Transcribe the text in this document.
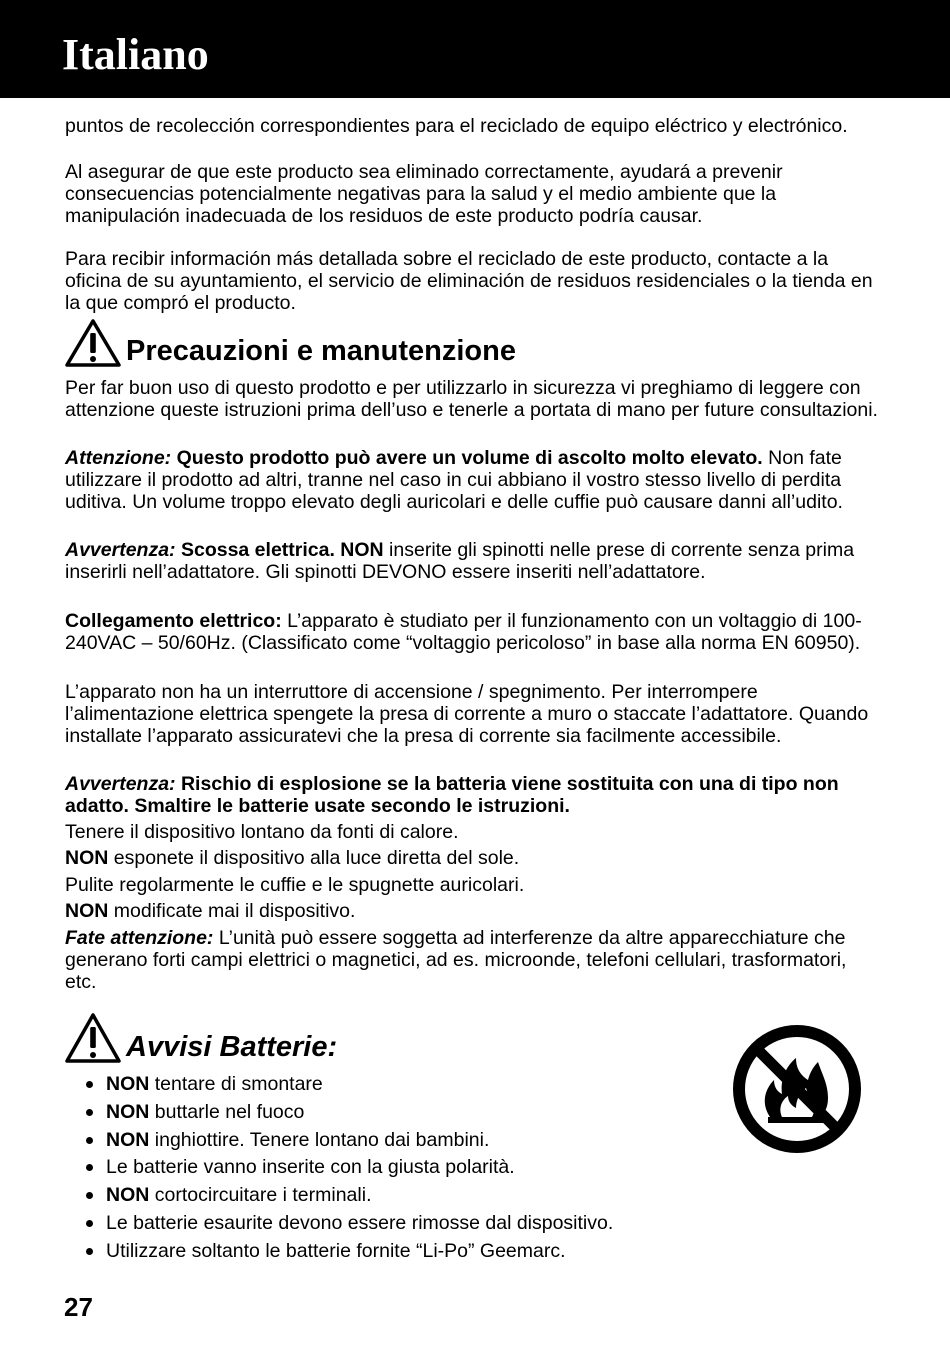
Italiano

puntos de recolección correspondientes para el reciclado de equipo eléctrico y electrónico.

Al asegurar de que este producto sea eliminado correctamente, ayudará a prevenir consecuencias potencialmente negativas para la salud y el medio ambiente que la manipulación inadecuada de los residuos de este producto podría causar.

Para recibir información más detallada sobre el reciclado de este producto, contacte a la oficina de su ayuntamiento, el servicio de eliminación de residuos residenciales o la tienda en la que compró el producto.

Precauzioni e manutenzione

Per far buon uso di questo prodotto e per utilizzarlo in sicurezza vi preghiamo di leggere con attenzione queste istruzioni prima dell’uso e tenerle a portata di mano per future consultazioni.

Attenzione: Questo prodotto può avere un volume di ascolto molto elevato. Non fate utilizzare il prodotto ad altri, tranne nel caso in cui abbiano il vostro stesso livello di perdita uditiva. Un volume troppo elevato degli auricolari e delle cuffie può causare danni all’udito.

Avvertenza: Scossa elettrica. NON inserite gli spinotti nelle prese di corrente senza prima inserirli nell’adattatore. Gli spinotti DEVONO essere inseriti nell’adattatore.

Collegamento elettrico: L’apparato è studiato per il funzionamento con un voltaggio di 100-240VAC – 50/60Hz. (Classificato come “voltaggio pericoloso” in base alla norma EN 60950).

L’apparato non ha un interruttore di accensione / spegnimento. Per interrompere l’alimentazione elettrica spengete la presa di corrente a muro o staccate l’adattatore. Quando installate l’apparato assicuratevi che la presa di corrente sia facilmente accessibile.

Avvertenza: Rischio di esplosione se la batteria viene sostituita con una di tipo non adatto. Smaltire le batterie usate secondo le istruzioni.

Tenere il dispositivo lontano da fonti di calore.

NON esponete il dispositivo alla luce diretta del sole.

Pulite regolarmente le cuffie e le spugnette auricolari.

NON modificate mai il dispositivo.

Fate attenzione: L’unità può essere soggetta ad interferenze da altre apparecchiature che generano forti campi elettrici o magnetici, ad es. microonde, telefoni cellulari, trasformatori, etc.

Avvisi Batterie:
NON tentare di smontare
NON buttarle nel fuoco
NON inghiottire. Tenere lontano dai bambini.
Le batterie vanno inserite con la giusta polarità.
NON cortocircuitare i terminali.
Le batterie esaurite devono essere rimosse dal dispositivo.
Utilizzare soltanto le batterie fornite “Li-Po” Geemarc.
27
